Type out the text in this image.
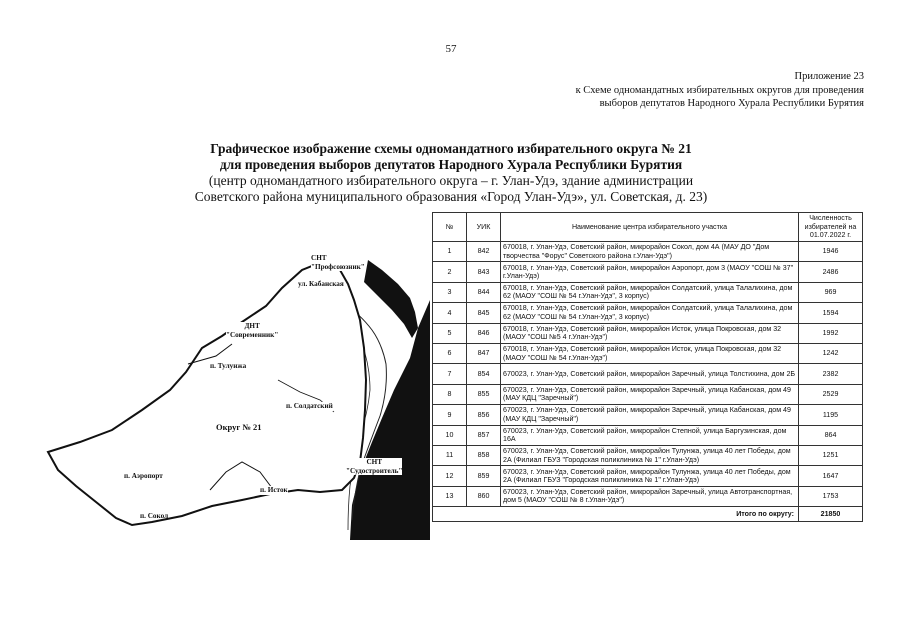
57
Приложение 23
к Схеме одномандатных избирательных округов для проведения
выборов депутатов Народного Хурала Республики Бурятия
Графическое изображение схемы одномандатного избирательного округа № 21
для проведения выборов депутатов Народного Хурала Республики Бурятия
(центр одномандатного избирательного округа – г. Улан-Удэ, здание администрации
Советского района муниципального образования «Город Улан-Удэ», ул. Советская, д. 23)
СНТ
"Профсоюзник"
ул. Кабанская
ДНТ
"Современник"
п. Тулунжа
п. Солдатский
Округ № 21
СНТ
"Судостроитель"
п. Аэропорт
п. Исток
п. Сокол
№	УИК	Наименование центра избирательного участка	Численность избирателей на 01.07.2022 г.
1	842	670018, г. Улан-Удэ, Советский район, микрорайон Сокол, дом 4А (МАУ ДО "Дом творчества "Форус" Советского района г.Улан-Удэ")	1946
2	843	670018, г. Улан-Удэ, Советский район, микрорайон Аэропорт, дом 3 (МАОУ "СОШ № 37" г.Улан-Удэ)	2486
3	844	670018, г. Улан-Удэ, Советский район, микрорайон Солдатский, улица Талалихина, дом 62 (МАОУ "СОШ № 54 г.Улан-Удэ", 3 корпус)	969
4	845	670018, г. Улан-Удэ, Советский район, микрорайон Солдатский, улица Талалихина, дом 62 (МАОУ "СОШ № 54 г.Улан-Удэ", 3 корпус)	1594
5	846	670018, г. Улан-Удэ, Советский район, микрорайон Исток, улица Покровская, дом 32 (МАОУ "СОШ №5 4 г.Улан-Удэ")	1992
6	847	670018, г. Улан-Удэ, Советский район, микрорайон Исток, улица Покровская, дом 32 (МАОУ "СОШ № 54 г.Улан-Удэ")	1242
7	854	670023, г. Улан-Удэ, Советский район, микрорайон Заречный, улица Толстихина, дом 2Б	2382
8	855	670023, г. Улан-Удэ, Советский район, микрорайон Заречный, улица Кабанская, дом 49 (МАУ КДЦ "Заречный")	2529
9	856	670023, г. Улан-Удэ, Советский район, микрорайон Заречный, улица Кабанская, дом 49 (МАУ КДЦ "Заречный")	1195
10	857	670023, г. Улан-Удэ, Советский район, микрорайон Степной, улица Баргузинская, дом 16А	864
11	858	670023, г. Улан-Удэ, Советский район, микрорайон Тулунжа, улица 40 лет Победы, дом 2А (Филиал ГБУЗ "Городская поликлиника № 1" г.Улан-Удэ)	1251
12	859	670023, г. Улан-Удэ, Советский район, микрорайон Тулунжа, улица 40 лет Победы, дом 2А (Филиал ГБУЗ "Городская поликлиника № 1" г.Улан-Удэ)	1647
13	860	670023, г. Улан-Удэ, Советский район, микрорайон Заречный, улица Автотранспортная, дом 5 (МАОУ "СОШ № 8 г.Улан-Удэ")	1753
Итого по округу:			21850
